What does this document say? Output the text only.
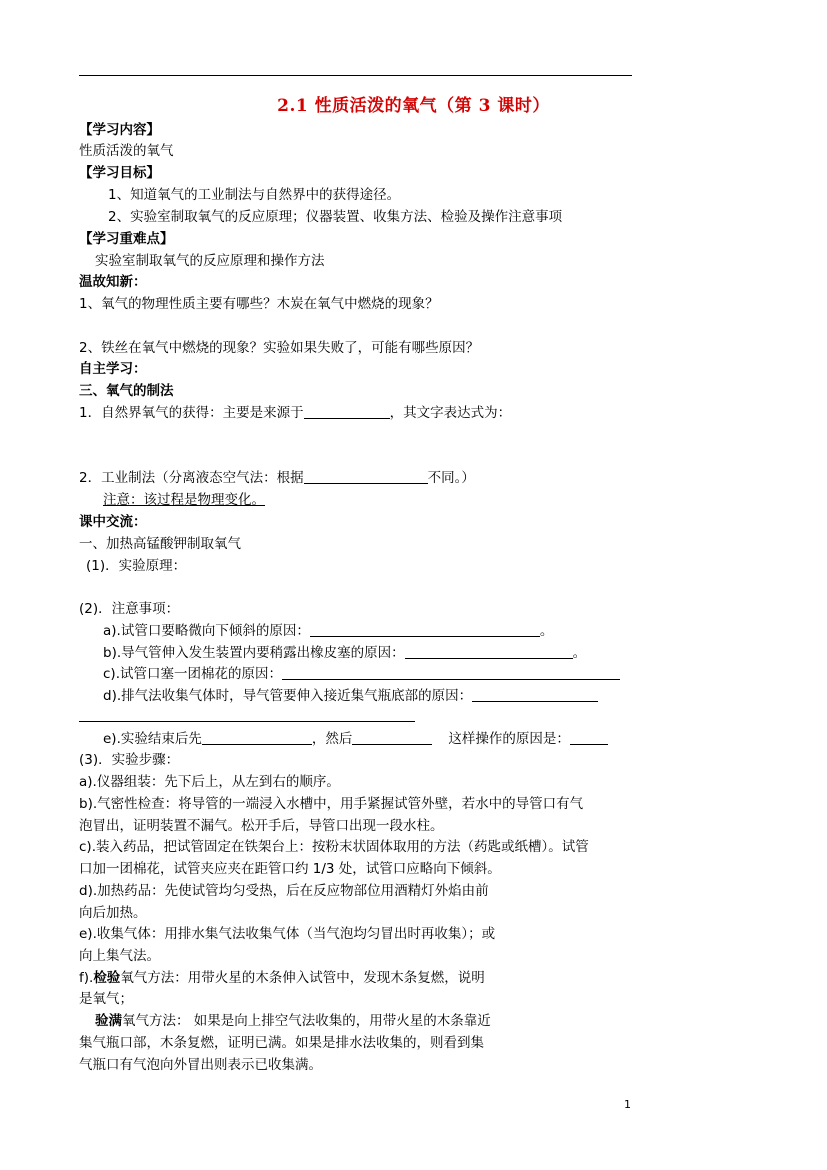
2.1 性质活泼的氧气（第 3 课时）
【学习内容】
性质活泼的氧气
【学习目标】
1、知道氧气的工业制法与自然界中的获得途径。
2、实验室制取氧气的反应原理；仪器装置、收集方法、检验及操作注意事项
【学习重难点】
实验室制取氧气的反应原理和操作方法
温故知新：
1、氧气的物理性质主要有哪些？木炭在氧气中燃烧的现象？
2、铁丝在氧气中燃烧的现象？实验如果失败了，可能有哪些原因？
自主学习：
三、氧气的制法
1．自然界氧气的获得：主要是来源于	，其文字表达式为：
2．工业制法（分离液态空气法：根据	不同。）
注意：该过程是物理变化。
课中交流：
一、加热高锰酸钾制取氧气
(1)．实验原理：
(2)．注意事项：
a).试管口要略微向下倾斜的原因：	。
b).导气管伸入发生装置内要稍露出橡皮塞的原因：	。
c).试管口塞一团棉花的原因：
d).排气法收集气体时，导气管要伸入接近集气瓶底部的原因：
e).实验结束后先	，然后	这样操作的原因是：
(3)．实验步骤：
a).仪器组装：先下后上，从左到右的顺序。
b).气密性检查：将导管的一端浸入水槽中，用手紧握试管外壁，若水中的导管口有气
泡冒出，证明装置不漏气。松开手后，导管口出现一段水柱。
c).装入药品，把试管固定在铁架台上：按粉末状固体取用的方法（药匙或纸槽）。试管
口加一团棉花，试管夹应夹在距管口约 1/3 处，试管口应略向下倾斜。
d).加热药品：先使试管均匀受热，后在反应物部位用酒精灯外焰由前
向后加热。
e).收集气体：用排水集气法收集气体（当气泡均匀冒出时再收集）；或
向上集气法。
f).检验氧气方法：用带火星的木条伸入试管中，发现木条复燃，说明
是氧气；
验满氧气方法： 如果是向上排空气法收集的，用带火星的木条靠近
集气瓶口部，木条复燃，证明已满。如果是排水法收集的，则看到集
气瓶口有气泡向外冒出则表示已收集满。
1
